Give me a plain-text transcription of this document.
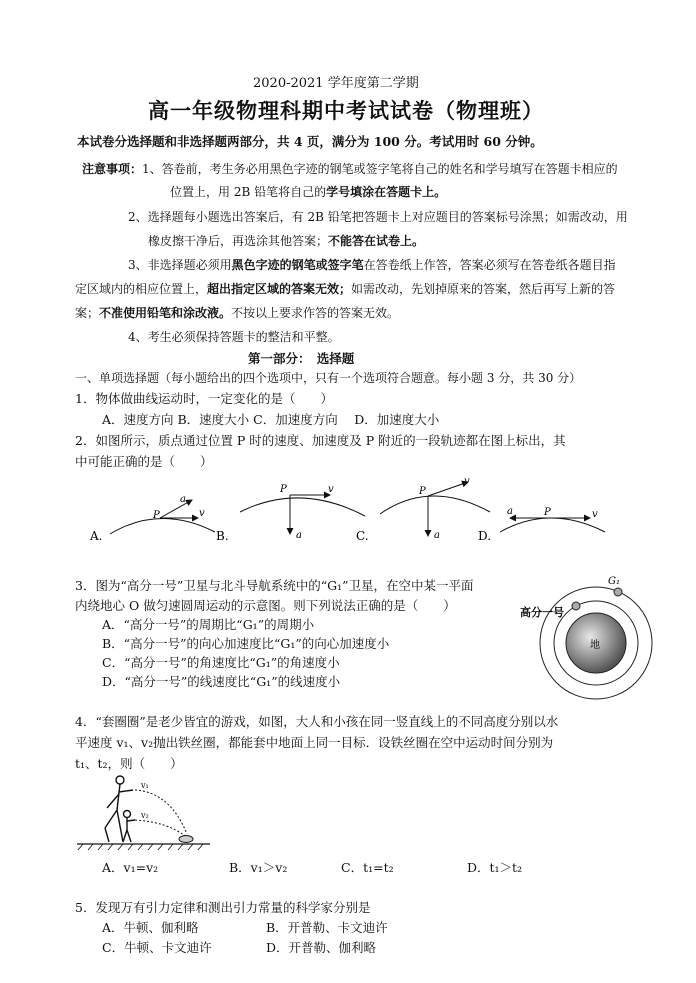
2020-2021 学年度第二学期
高一年级物理科期中考试试卷（物理班）
本试卷分选择题和非选择题两部分，共 4 页，满分为 100 分。考试用时 60 分钟。
注意事项：1、答卷前，考生务必用黑色字迹的钢笔或签字笔将自己的姓名和学号填写在答题卡相应的
位置上，用 2B 铅笔将自己的学号填涂在答题卡上。
2、选择题每小题选出答案后，有 2B 铅笔把答题卡上对应题目的答案标号涂黑；如需改动，用
橡皮擦干净后，再选涂其他答案；不能答在试卷上。
3、非选择题必须用黑色字迹的钢笔或签字笔在答卷纸上作答，答案必须写在答卷纸各题目指
定区域内的相应位置上，超出指定区域的答案无效；如需改动，先划掉原来的答案，然后再写上新的答
案；不准使用铅笔和涂改液。不按以上要求作答的答案无效。
4、考生必须保持答题卡的整洁和平整。
第一部分：　选择题
一、单项选择题（每小题给出的四个选项中，只有一个选项符合题意。每小题 3 分，共 30 分）
1．物体做曲线运动时，一定变化的是（　　）
A．速度方向 B．速度大小 C．加速度方向　 D．加速度大小
2．如图所示，质点通过位置 P 时的速度、加速度及 P 附近的一段轨迹都在图上标出，其
中可能正确的是（　　）
P	v
a
A.
P	v
a
B.
P
v
a
C.
P	v
a
D.
3．图为“高分一号”卫星与北斗导航系统中的“G₁”卫星，在空中某一平面
内绕地心 O 做匀速圆周运动的示意图。则下列说法正确的是（　　）
A．“高分一号”的周期比“G₁”的周期小
B．“高分一号”的向心加速度比“G₁”的向心加速度小
C．“高分一号”的角速度比“G₁”的角速度小
D．“高分一号”的线速度比“G₁”的线速度小
地
高分一号
G₁
4．“套圈圈”是老少皆宜的游戏，如图，大人和小孩在同一竖直线上的不同高度分别以水
平速度 v₁、v₂抛出铁丝圈，都能套中地面上同一目标．设铁丝圈在空中运动时间分别为
t₁、t₂，则（　　）
v₁
v₂
A．v₁=v₂	B．v₁＞v₂	C．t₁=t₂	D．t₁＞t₂
5．发现万有引力定律和测出引力常量的科学家分别是
A．牛顿、伽利略	B．开普勒、卡文迪许
C．牛顿、卡文迪许	D．开普勒、伽利略
